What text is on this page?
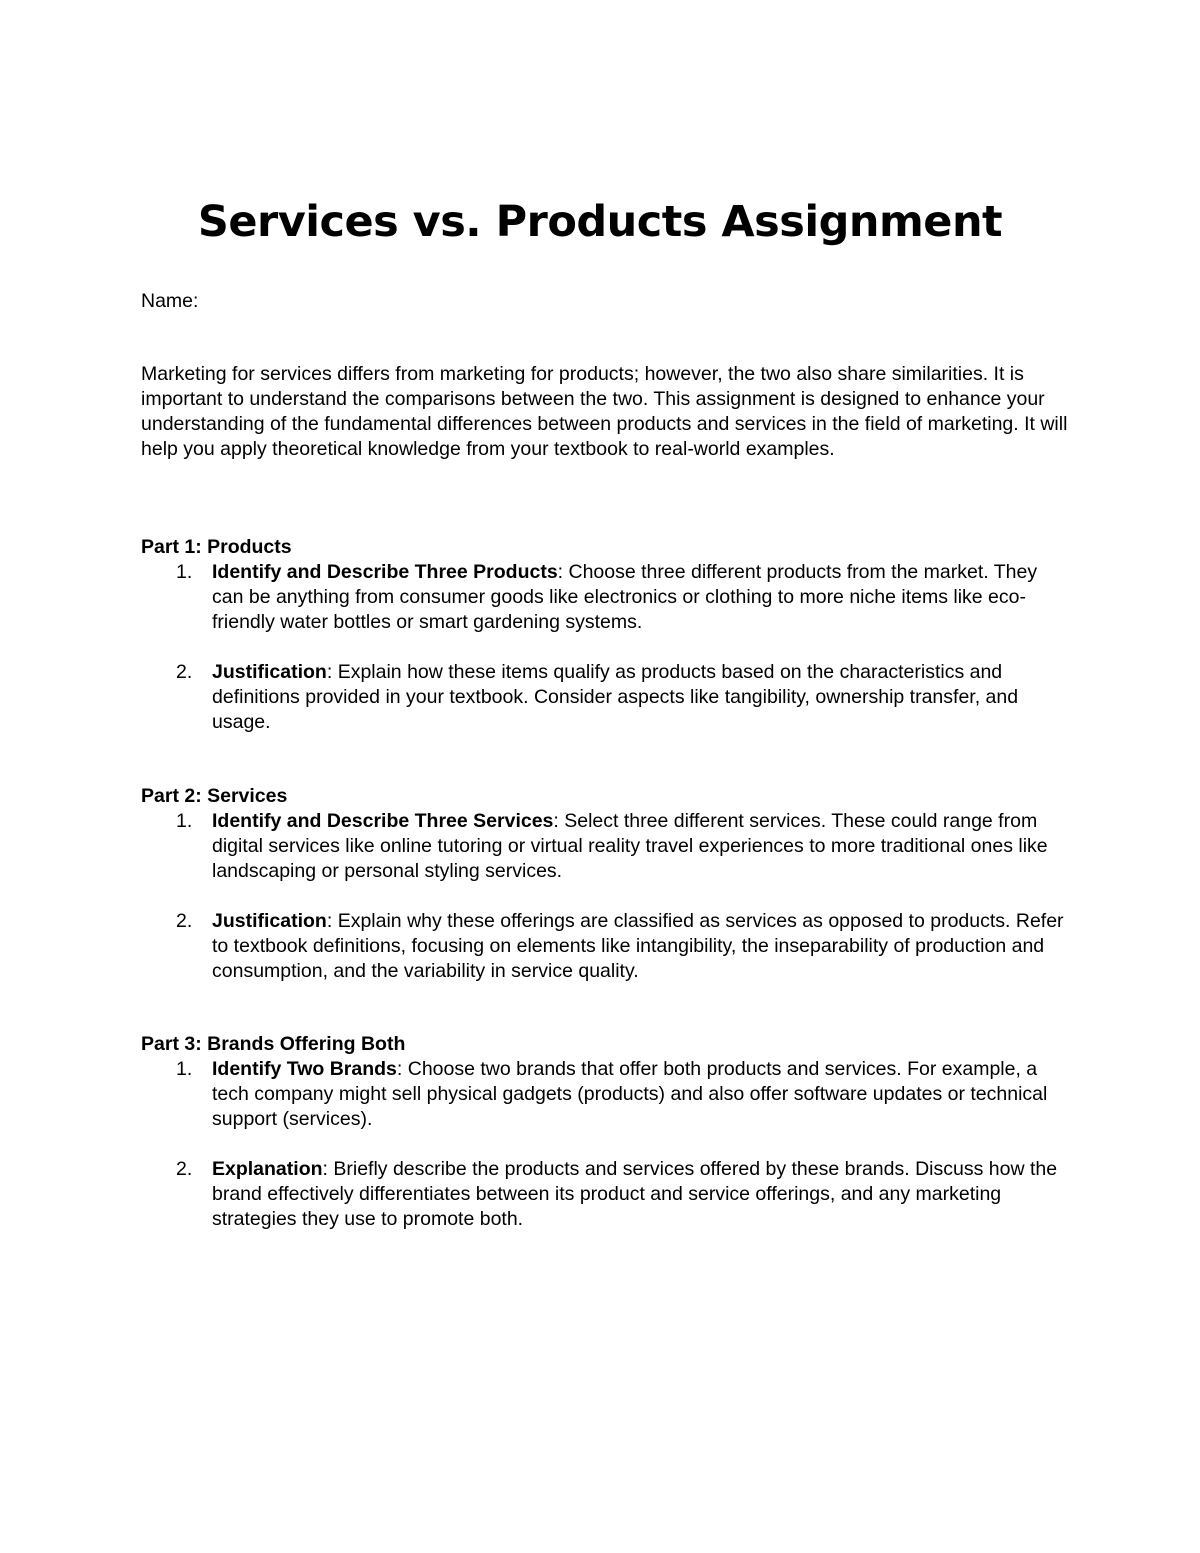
Services vs. Products Assignment

Name:

Marketing for services differs from marketing for products; however, the two also share similarities. It is important to understand the comparisons between the two. This assignment is designed to enhance your understanding of the fundamental differences between products and services in the field of marketing. It will help you apply theoretical knowledge from your textbook to real-world examples.

Part 1: Products

1. Identify and Describe Three Products: Choose three different products from the market. They can be anything from consumer goods like electronics or clothing to more niche items like eco-friendly water bottles or smart gardening systems.
2. Justification: Explain how these items qualify as products based on the characteristics and definitions provided in your textbook. Consider aspects like tangibility, ownership transfer, and usage.

Part 2: Services

1. Identify and Describe Three Services: Select three different services. These could range from digital services like online tutoring or virtual reality travel experiences to more traditional ones like landscaping or personal styling services.
2. Justification: Explain why these offerings are classified as services as opposed to products. Refer to textbook definitions, focusing on elements like intangibility, the inseparability of production and consumption, and the variability in service quality.

Part 3: Brands Offering Both

1. Identify Two Brands: Choose two brands that offer both products and services. For example, a tech company might sell physical gadgets (products) and also offer software updates or technical support (services).
2. Explanation: Briefly describe the products and services offered by these brands. Discuss how the brand effectively differentiates between its product and service offerings, and any marketing strategies they use to promote both.
